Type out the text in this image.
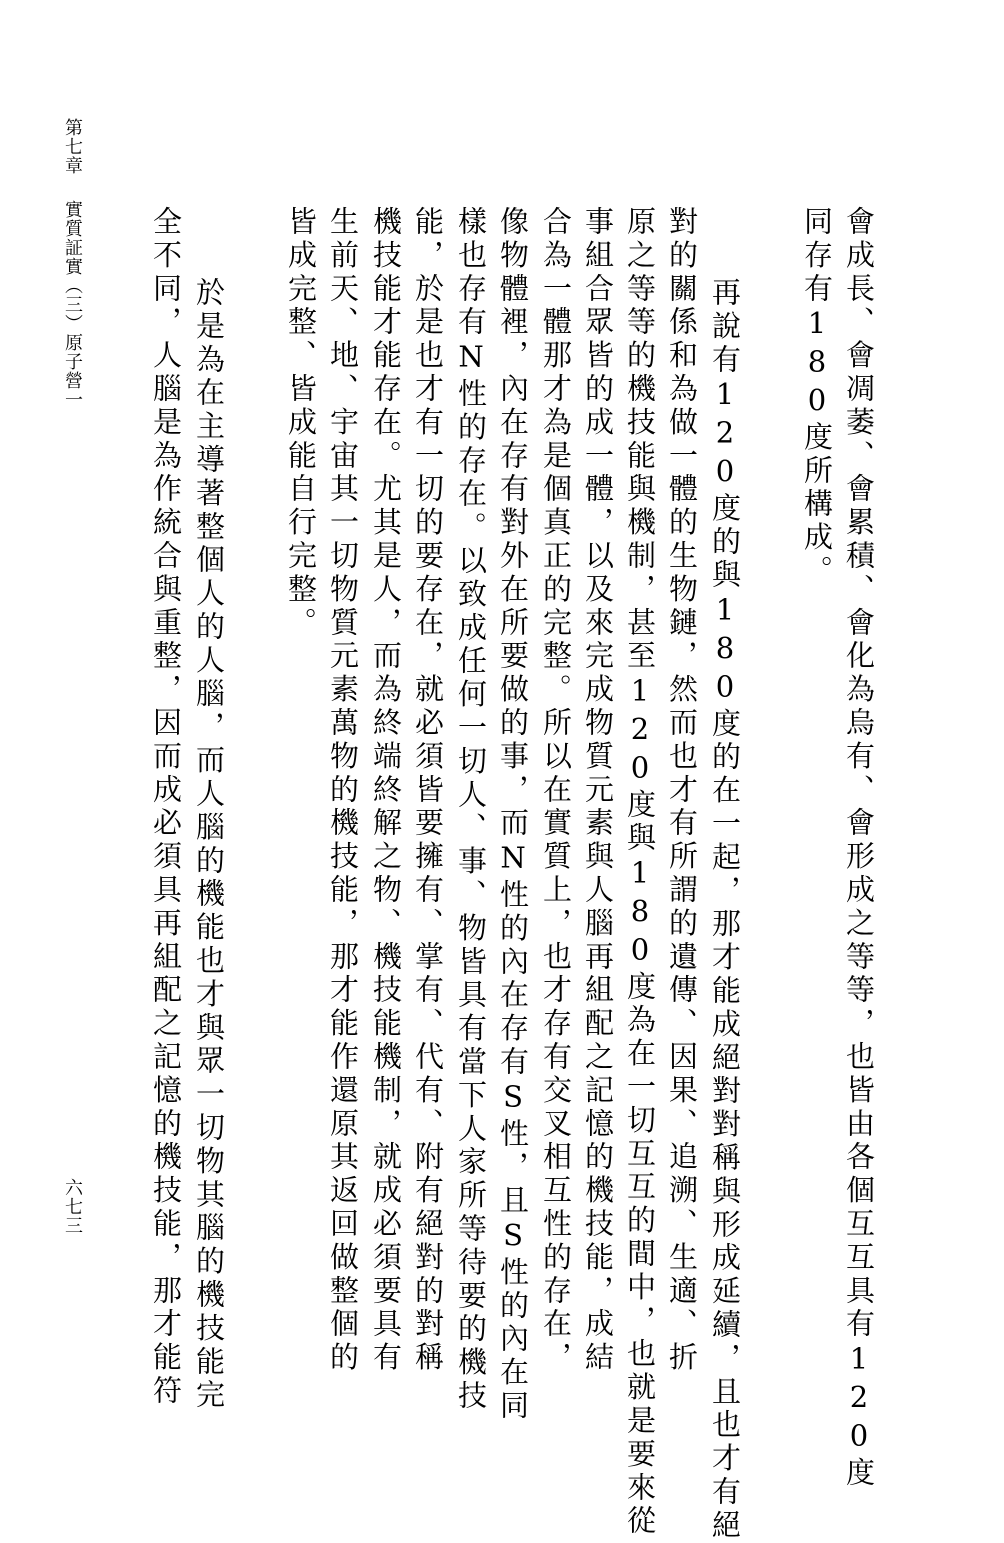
第七章
實質証實（三）原子營一
六七三	會成長、會凋萎、會累積、會化為烏有、會形成之等等，也皆由各個互互具有120度
同存有180度所構成。
再說有120度的與180度的在一起，那才能成絕對對稱與形成延續，且也才有絕
對的關係和為做一體的生物鏈，然而也才有所謂的遺傳、因果、追溯、生適、折
原之等等的機技能與機制，甚至120度與180度為在一切互互的間中，也就是要來從
事組合眾皆的成一體，以及來完成物質元素與人腦再組配之記憶的機技能，成結
合為一體那才為是個真正的完整。所以在實質上，也才存有交叉相互性的存在，
像物體裡，內在存有對外在所要做的事，而N性的內在存有S性，且S性的內在同
樣也存有N性的存在。以致成任何一切人、事、物皆具有當下人家所等待要的機技
能，於是也才有一切的要存在，就必須皆要擁有、掌有、代有、附有絕對的對稱
機技能才能存在。尤其是人，而為終端終解之物、機技能機制，就成必須要具有
生前天、地、宇宙其一切物質元素萬物的機技能，那才能作還原其返回做整個的
皆成完整、皆成能自行完整。
於是為在主導著整個人的人腦，而人腦的機能也才與眾一切物其腦的機技能完
全不同，人腦是為作統合與重整，因而成必須具再組配之記憶的機技能，那才能符
